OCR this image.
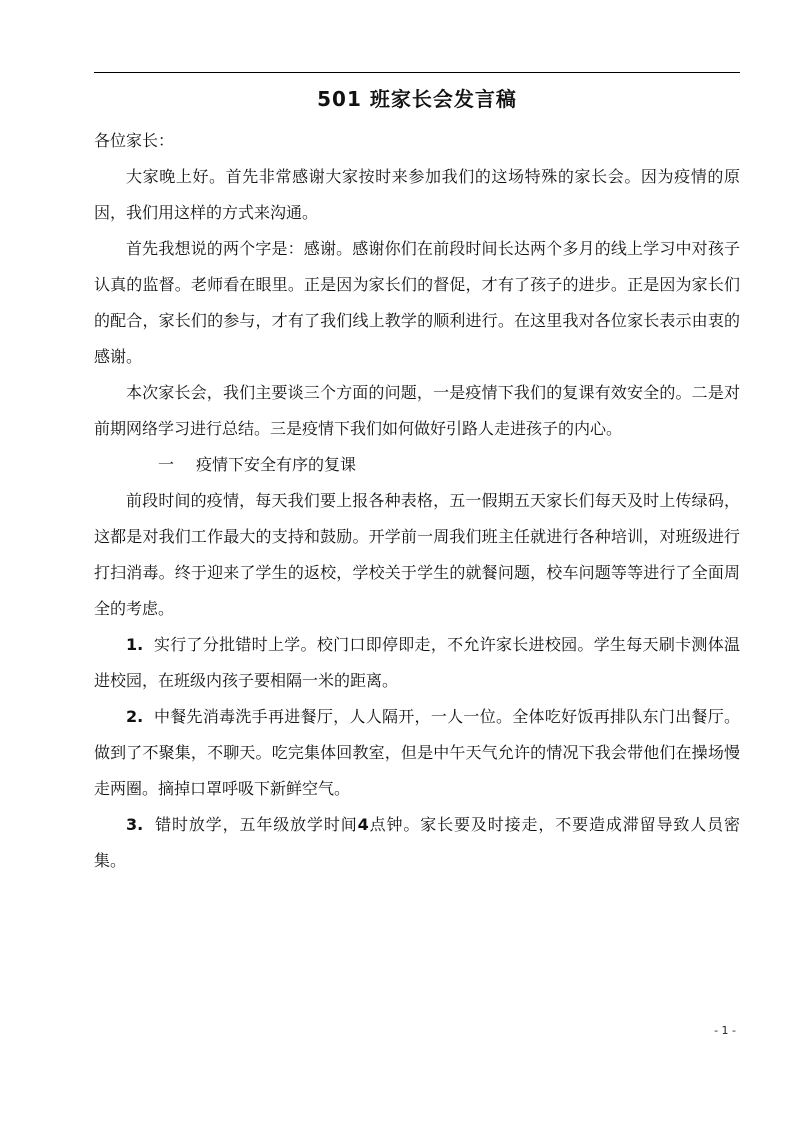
501 班家长会发言稿

各位家长：

大家晚上好。首先非常感谢大家按时来参加我们的这场特殊的家长会。因为疫情的原因，我们用这样的方式来沟通。

首先我想说的两个字是：感谢。感谢你们在前段时间长达两个多月的线上学习中对孩子认真的监督。老师看在眼里。正是因为家长们的督促，才有了孩子的进步。正是因为家长们的配合，家长们的参与，才有了我们线上教学的顺利进行。在这里我对各位家长表示由衷的感谢。

本次家长会，我们主要谈三个方面的问题，一是疫情下我们的复课有效安全的。二是对前期网络学习进行总结。三是疫情下我们如何做好引路人走进孩子的内心。

一 疫情下安全有序的复课

前段时间的疫情，每天我们要上报各种表格，五一假期五天家长们每天及时上传绿码，这都是对我们工作最大的支持和鼓励。开学前一周我们班主任就进行各种培训，对班级进行打扫消毒。终于迎来了学生的返校，学校关于学生的就餐问题，校车问题等等进行了全面周全的考虑。

1. 实行了分批错时上学。校门口即停即走，不允许家长进校园。学生每天刷卡测体温进校园，在班级内孩子要相隔一米的距离。

2. 中餐先消毒洗手再进餐厅，人人隔开，一人一位。全体吃好饭再排队东门出餐厅。做到了不聚集，不聊天。吃完集体回教室，但是中午天气允许的情况下我会带他们在操场慢走两圈。摘掉口罩呼吸下新鲜空气。

3. 错时放学，五年级放学时间4点钟。家长要及时接走，不要造成滞留导致人员密集。

- 1 -
